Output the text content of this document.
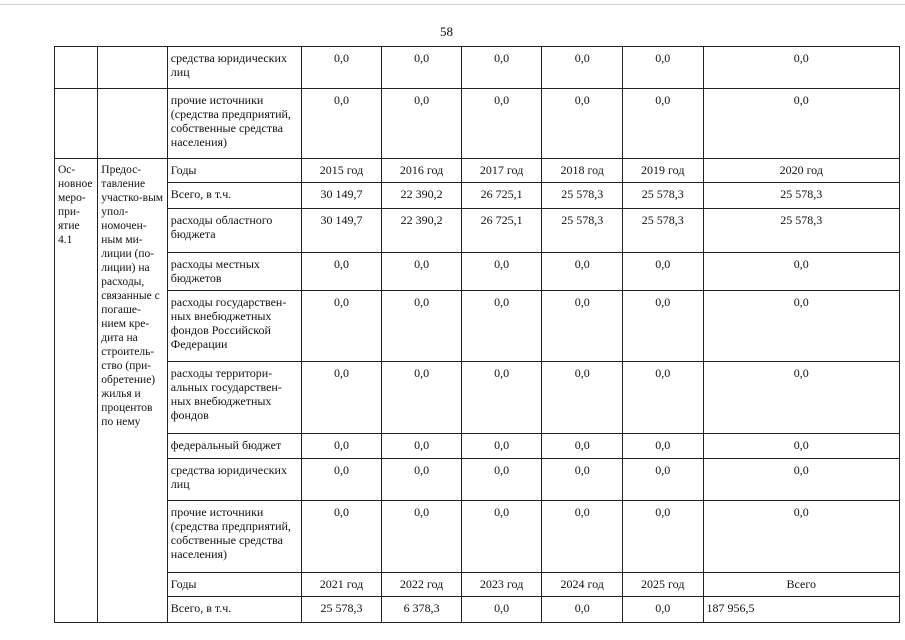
58
		средства юридических лиц	0,0	0,0	0,0	0,0	0,0	0,0
		прочие источники (средства предприятий, собственные средства населения)	0,0	0,0	0,0	0,0	0,0	0,0
Ос-новное меро-при-ятие 4.1	Предос-тавление участко-вым упол-номочен-ным ми-лиции (по-лиции) на расходы, связанные с погаше-нием кре-дита на строитель-ство (при-обретение) жилья и процентов по нему	Годы	2015 год	2016 год	2017 год	2018 год	2019 год	2020 год
		Всего, в т.ч.	30 149,7	22 390,2	26 725,1	25 578,3	25 578,3	25 578,3
		расходы областного бюджета	30 149,7	22 390,2	26 725,1	25 578,3	25 578,3	25 578,3
		расходы местных бюджетов	0,0	0,0	0,0	0,0	0,0	0,0
		расходы государствен-ных внебюджетных фондов Российской Федерации	0,0	0,0	0,0	0,0	0,0	0,0
		расходы территори-альных государствен-ных внебюджетных фондов	0,0	0,0	0,0	0,0	0,0	0,0
		федеральный бюджет	0,0	0,0	0,0	0,0	0,0	0,0
		средства юридических лиц	0,0	0,0	0,0	0,0	0,0	0,0
		прочие источники (средства предприятий, собственные средства населения)	0,0	0,0	0,0	0,0	0,0	0,0
		Годы	2021 год	2022 год	2023 год	2024 год	2025 год	Всего
		Всего, в т.ч.	25 578,3	6 378,3	0,0	0,0	0,0	187 956,5
